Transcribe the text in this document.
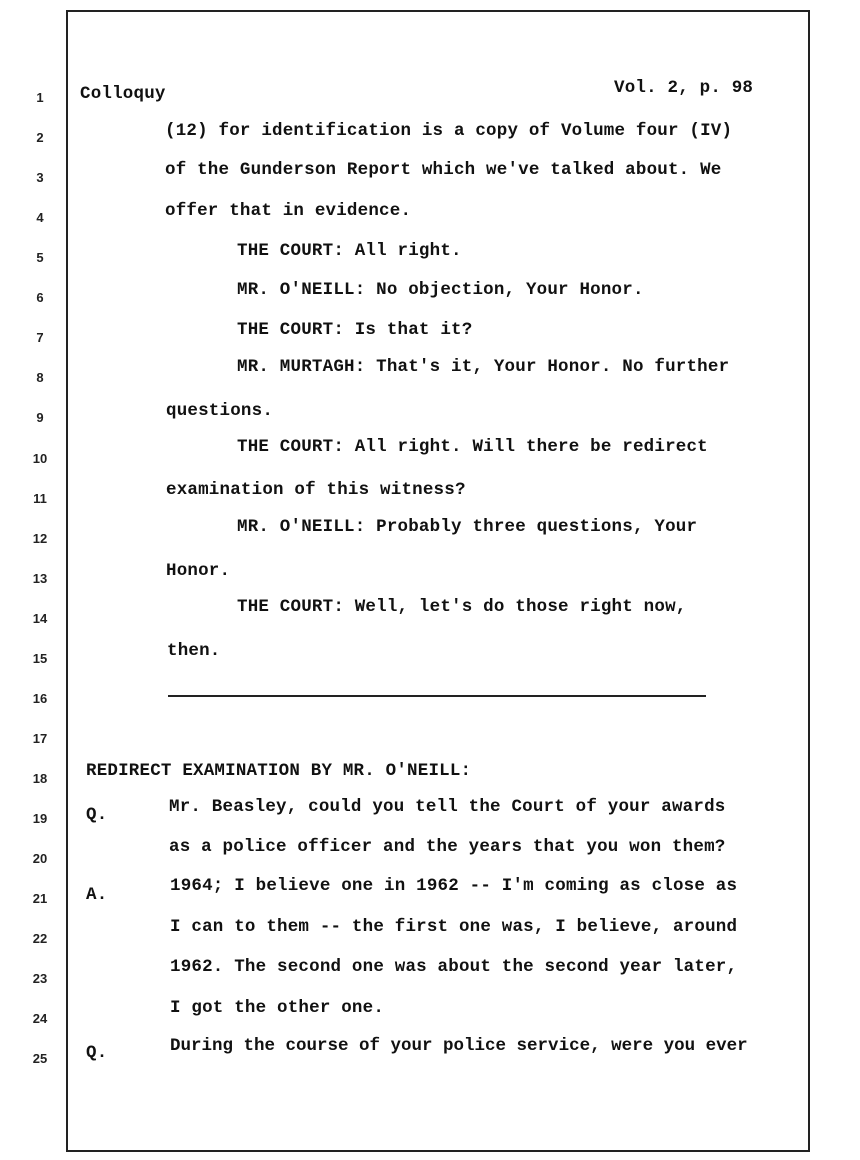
1
2
3
4
5
6
7
8
9
10
11
12
13
14
15
16
17
18
19
20
21
22
23
24
25
Colloquy	Vol. 2, p. 98
(12) for identification is a copy of Volume four (IV)
of the Gunderson Report which we've talked about. We
offer that in evidence.
THE COURT: All right.
MR. O'NEILL: No objection, Your Honor.
THE COURT: Is that it?
MR. MURTAGH: That's it, Your Honor. No further
questions.
THE COURT: All right. Will there be redirect
examination of this witness?
MR. O'NEILL: Probably three questions, Your
Honor.
THE COURT: Well, let's do those right now,
then.
REDIRECT EXAMINATION BY MR. O'NEILL:
Q.	Mr. Beasley, could you tell the Court of your awards
as a police officer and the years that you won them?
A.	1964; I believe one in 1962 -- I'm coming as close as
I can to them -- the first one was, I believe, around
1962. The second one was about the second year later,
I got the other one.
Q.	During the course of your police service, were you ever
